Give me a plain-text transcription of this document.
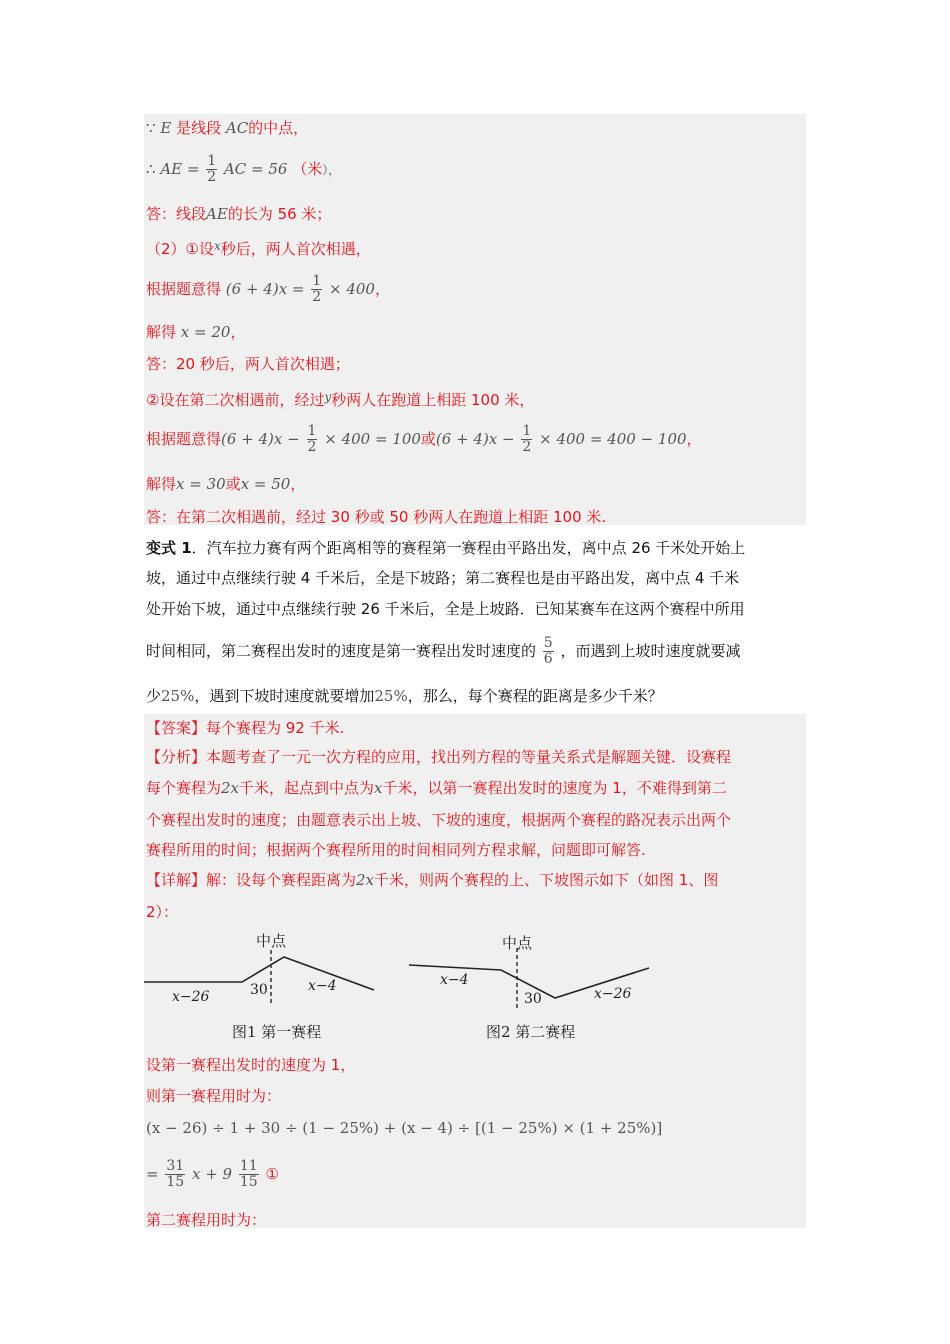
∵ E 是线段 AC的中点，
∴ AE = $\frac{1}{2}$ AC = 56 （米），
答：线段AE的长为 56 米；
（2）①设$^x$秒后，两人首次相遇，
根据题意得 $(6 + 4)x = \frac{1}{2} \times 400$，
解得 x = 20，
答：20 秒后，两人首次相遇；
②设在第二次相遇前，经过$^y$秒两人在跑道上相距 100 米，
根据题意得$(6 + 4)x - \frac{1}{2} \times 400 = 100$或$(6 + 4)x - \frac{1}{2} \times 400 = 400 - 100$，
解得x = 30或x = 50，
答：在第二次相遇前，经过 30 秒或 50 秒两人在跑道上相距 100 米.
变式 1．汽车拉力赛有两个距离相等的赛程第一赛程由平路出发，离中点 26 千米处开始上
坡，通过中点继续行驶 4 千米后，全是下坡路；第二赛程也是由平路出发，离中点 4 千米
处开始下坡，通过中点继续行驶 26 千米后，全是上坡路．已知某赛车在这两个赛程中所用
时间相同，第二赛程出发时的速度是第一赛程出发时速度的 $\frac{5}{6}$ ，而遇到上坡时速度就要减
少25%，遇到下坡时速度就要增加25%，那么，每个赛程的距离是多少千米？
【答案】每个赛程为 92 千米.
【分析】本题考查了一元一次方程的应用，找出列方程的等量关系式是解题关键．设赛程
每个赛程为2x千米，起点到中点为x千米，以第一赛程出发时的速度为 1，不难得到第二
个赛程出发时的速度；由题意表示出上坡、下坡的速度，根据两个赛程的路况表示出两个
赛程所用的时间；根据两个赛程所用的时间相同列方程求解，问题即可解答.
【详解】解：设每个赛程距离为2x千米，则两个赛程的上、下坡图示如下（如图 1、图
2）：
中点
x−26	30	x−4
图1 第一赛程
中点
x−4
30	x−26
图2 第二赛程
设第一赛程出发时的速度为 1，
则第一赛程用时为：
(x − 26) ÷ 1 + 30 ÷ (1 − 25%) + (x − 4) ÷ [(1 − 25%) × (1 + 25%)]
= $\frac{31}{15}$ $x + 9 \frac{11}{15}$ ①
第二赛程用时为：
